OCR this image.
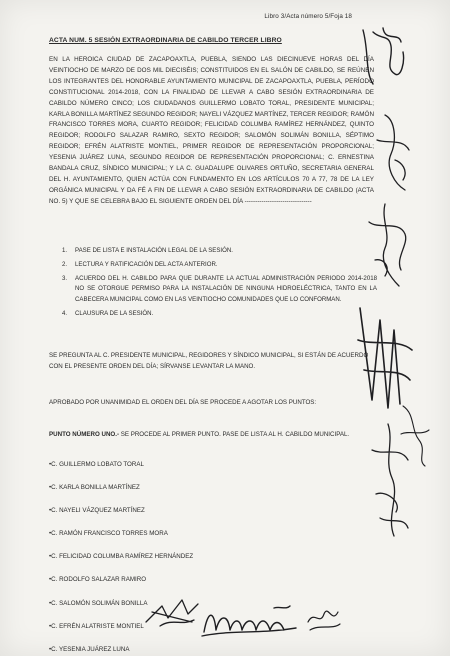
Libro 3/Acta número 5/Foja 18
ACTA NUM. 5 SESIÓN EXTRAORDINARIA DE CABILDO TERCER LIBRO
EN LA HEROICA CIUDAD DE ZACAPOAXTLA, PUEBLA, SIENDO LAS DIECINUEVE HORAS DEL DÍA VEINTIOCHO DE MARZO DE DOS MIL DIECISÉIS; CONSTITUIDOS EN EL SALÓN DE CABILDO, SE REÚNEN LOS INTEGRANTES DEL HONORABLE AYUNTAMIENTO MUNICIPAL DE ZACAPOAXTLA, PUEBLA, PERÍODO CONSTITUCIONAL 2014-2018, CON LA FINALIDAD DE LLEVAR A CABO SESIÓN EXTRAORDINARIA DE CABILDO NÚMERO CINCO; LOS CIUDADANOS GUILLERMO LOBATO TORAL, PRESIDENTE MUNICIPAL; KARLA BONILLA MARTÍNEZ SEGUNDO REGIDOR; NAYELI VÁZQUEZ MARTÍNEZ, TERCER REGIDOR; RAMÓN FRANCISCO TORRES MORA, CUARTO REGIDOR; FELICIDAD COLUMBA RAMÍREZ HERNÁNDEZ, QUINTO REGIDOR; RODOLFO SALAZAR RAMIRO, SEXTO REGIDOR; SALOMÓN SOLIMÁN BONILLA, SÉPTIMO REGIDOR; EFRÉN ALATRISTE MONTIEL, PRIMER REGIDOR DE REPRESENTACIÓN PROPORCIONAL; YESENIA JUÁREZ LUNA, SEGUNDO REGIDOR DE REPRESENTACIÓN PROPORCIONAL; C. ERNESTINA BANDALA CRUZ, SÍNDICO MUNICIPAL; Y LA C. GUADALUPE OLIVARES ORTUÑO, SECRETARIA GENERAL DEL H. AYUNTAMIENTO, QUIEN ACTÚA CON FUNDAMENTO EN LOS ARTÍCULOS 70 A 77, 78 DE LA LEY ORGÁNICA MUNICIPAL Y DA FÉ A FIN DE LLEVAR A CABO SESIÓN EXTRAORDINARIA DE CABILDO (ACTA NO. 5) Y QUE SE CELEBRA BAJO EL SIGUIENTE ORDEN DEL DÍA --------------------------------
1. PASE DE LISTA E INSTALACIÓN LEGAL DE LA SESIÓN.
2. LECTURA Y RATIFICACIÓN DEL ACTA ANTERIOR.
3. ACUERDO DEL H. CABILDO PARA QUE DURANTE LA ACTUAL ADMINISTRACIÓN PERIODO 2014-2018 NO SE OTORGUE PERMISO PARA LA INSTALACIÓN DE NINGUNA HIDROELÉCTRICA, TANTO EN LA CABECERA MUNICIPAL COMO EN LAS VEINTIOCHO COMUNIDADES QUE LO CONFORMAN.
4. CLAUSURA DE LA SESIÓN.
SE PREGUNTA AL C. PRESIDENTE MUNICIPAL, REGIDORES Y SÍNDICO MUNICIPAL, SI ESTÁN DE ACUERDO CON EL PRESENTE ORDEN DEL DÍA; SÍRVANSE LEVANTAR LA MANO.
APROBADO POR UNANIMIDAD EL ORDEN DEL DÍA SE PROCEDE A AGOTAR LOS PUNTOS:
PUNTO NÚMERO UNO.- SE PROCEDE AL PRIMER PUNTO. PASE DE LISTA AL H. CABILDO MUNICIPAL.
•C. GUILLERMO LOBATO TORAL
•C. KARLA BONILLA MARTÍNEZ
•C. NAYELI VÁZQUEZ MARTÍNEZ
•C. RAMÓN FRANCISCO TORRES MORA
•C. FELICIDAD COLUMBA RAMÍREZ HERNÁNDEZ
•C. RODOLFO SALAZAR RAMIRO
•C. SALOMÓN SOLIMÁN BONILLA
•C. EFRÉN ALATRISTE MONTIEL
•C. YESENIA JUÁREZ LUNA
